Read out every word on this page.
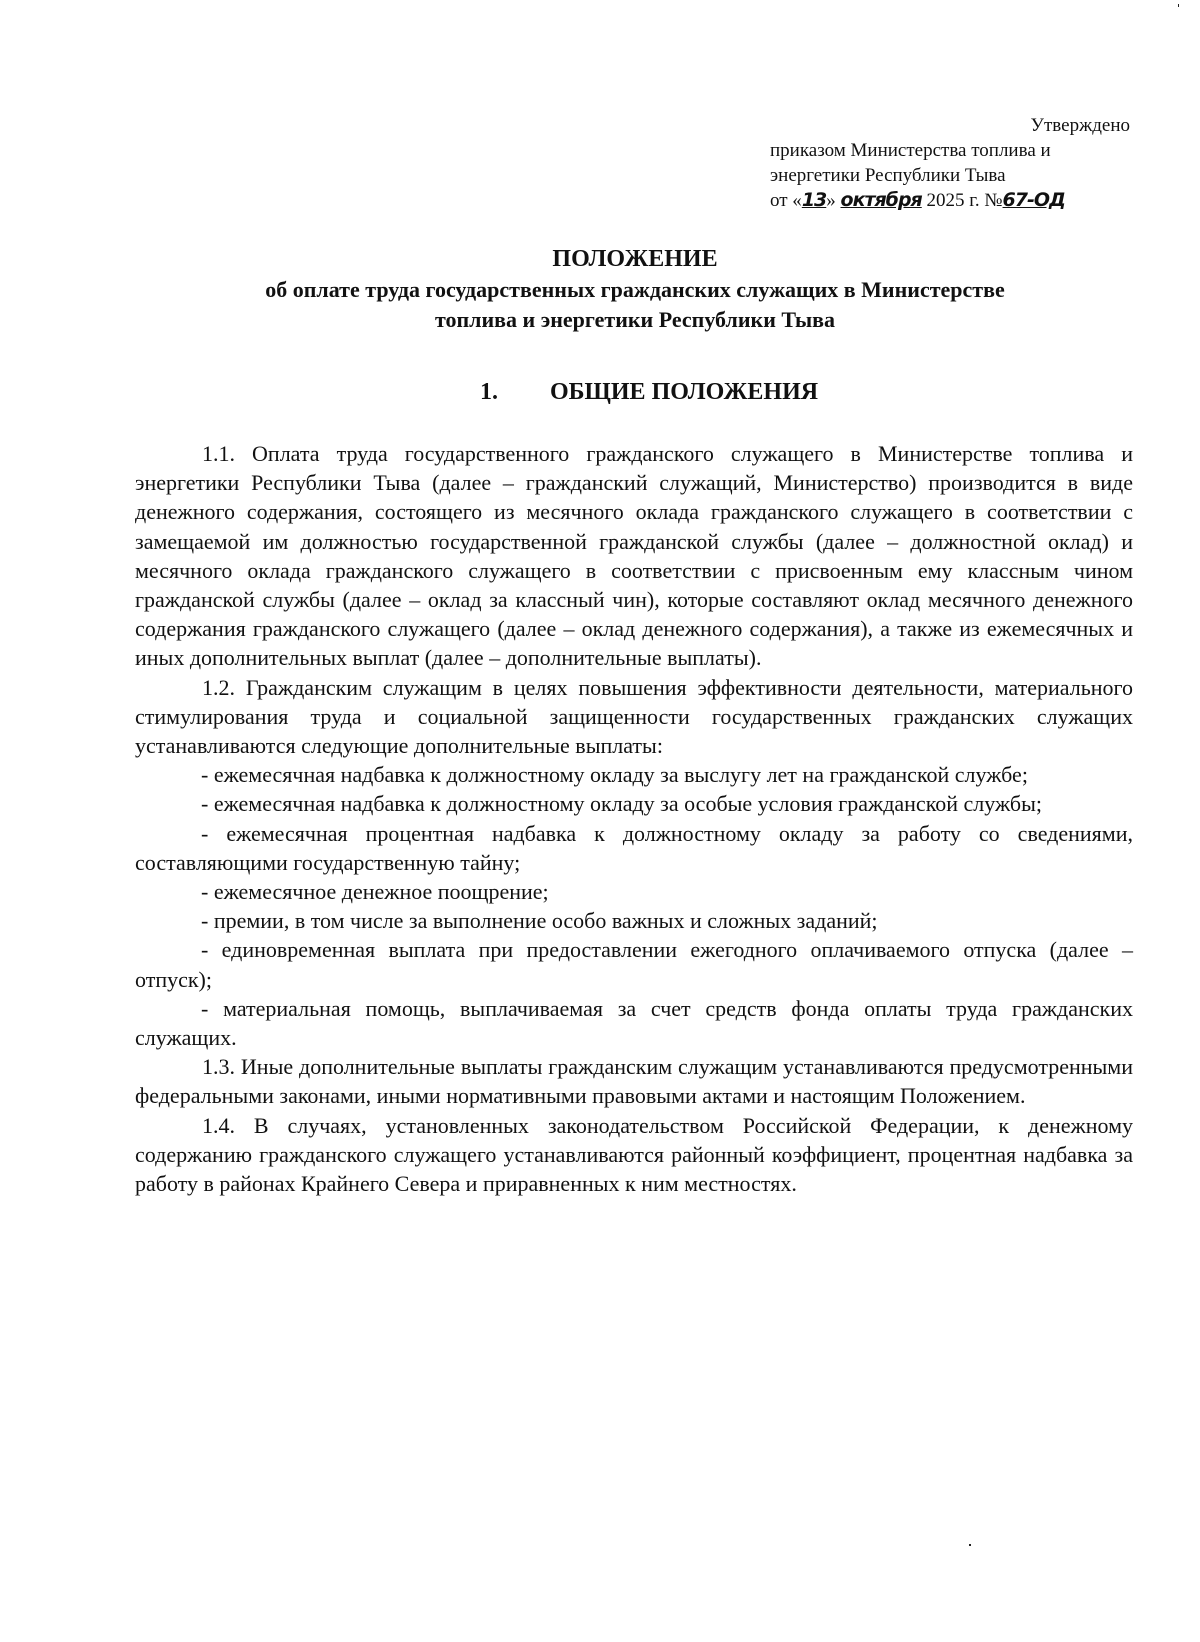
Утверждено
приказом Министерства топлива и
энергетики Республики Тыва
от «13» октября 2025 г. №67-ОД
ПОЛОЖЕНИЕ
об оплате труда государственных гражданских служащих в Министерстве
топлива и энергетики Республики Тыва
1. ОБЩИЕ ПОЛОЖЕНИЯ

1.1. Оплата труда государственного гражданского служащего в Министерстве топлива и энергетики Республики Тыва (далее – гражданский служащий, Министерство) производится в виде денежного содержания, состоящего из месячного оклада гражданского служащего в соответствии с замещаемой им должностью государственной гражданской службы (далее – должностной оклад) и месячного оклада гражданского служащего в соответствии с присвоенным ему классным чином гражданской службы (далее – оклад за классный чин), которые составляют оклад месячного денежного содержания гражданского служащего (далее – оклад денежного содержания), а также из ежемесячных и иных дополнительных выплат (далее – дополнительные выплаты).

1.2. Гражданским служащим в целях повышения эффективности деятельности, материального стимулирования труда и социальной защищенности государственных гражданских служащих устанавливаются следующие дополнительные выплаты:

- ежемесячная надбавка к должностному окладу за выслугу лет на гражданской службе;

- ежемесячная надбавка к должностному окладу за особые условия гражданской службы;

- ежемесячная процентная надбавка к должностному окладу за работу со сведениями, составляющими государственную тайну;

- ежемесячное денежное поощрение;

- премии, в том числе за выполнение особо важных и сложных заданий;

- единовременная выплата при предоставлении ежегодного оплачиваемого отпуска (далее – отпуск);

- материальная помощь, выплачиваемая за счет средств фонда оплаты труда гражданских служащих.

1.3. Иные дополнительные выплаты гражданским служащим устанавливаются предусмотренными федеральными законами, иными нормативными правовыми актами и настоящим Положением.

1.4. В случаях, установленных законодательством Российской Федерации, к денежному содержанию гражданского служащего устанавливаются районный коэффициент, процентная надбавка за работу в районах Крайнего Севера и приравненных к ним местностях.
